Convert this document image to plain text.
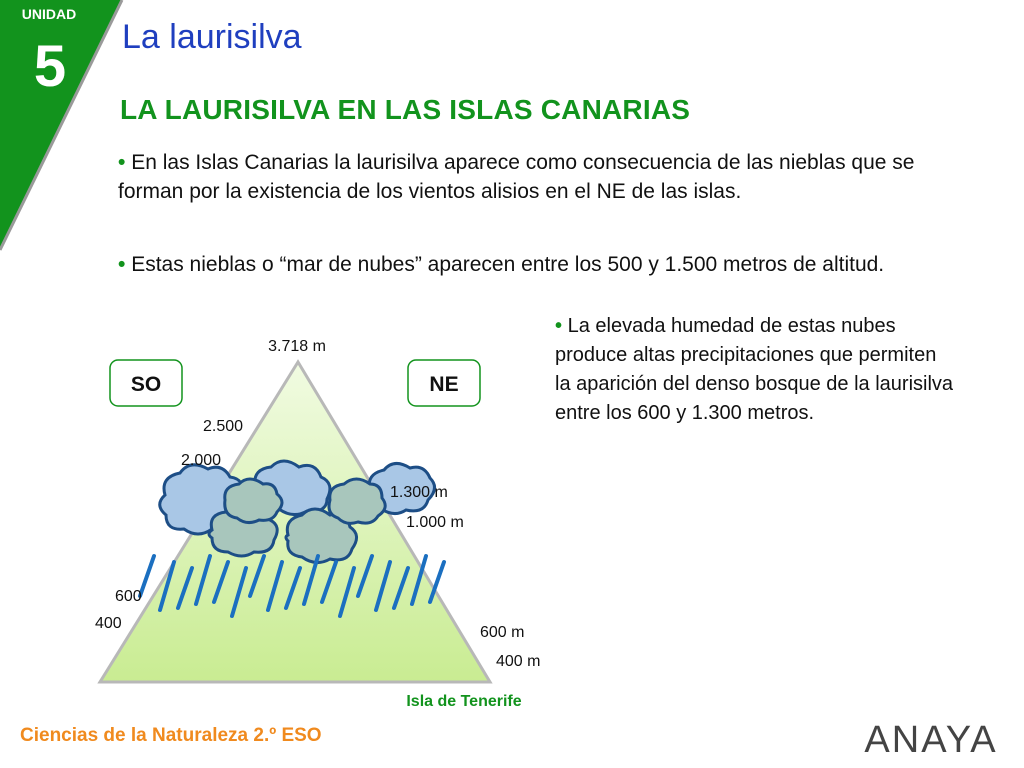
UNIDAD
5	La laurisilva
LA LAURISILVA EN LAS ISLAS CANARIAS
• En las Islas Canarias la laurisilva aparece como consecuencia de las nieblas que se forman por la existencia de los vientos alisios en el NE de las islas.
• Estas nieblas o “mar de nubes” aparecen entre los 500 y 1.500 metros de altitud.
• La elevada humedad de estas nubes produce altas precipitaciones que permiten la aparición del denso bosque de la laurisilva entre los 600 y 1.300 metros.
SO	NE
3.718 m
2.500
2.000
600
400
1.300 m
1.000 m
600 m
400 m
Isla de Tenerife
Ciencias de la Naturaleza 2.º ESO	ANAYA
